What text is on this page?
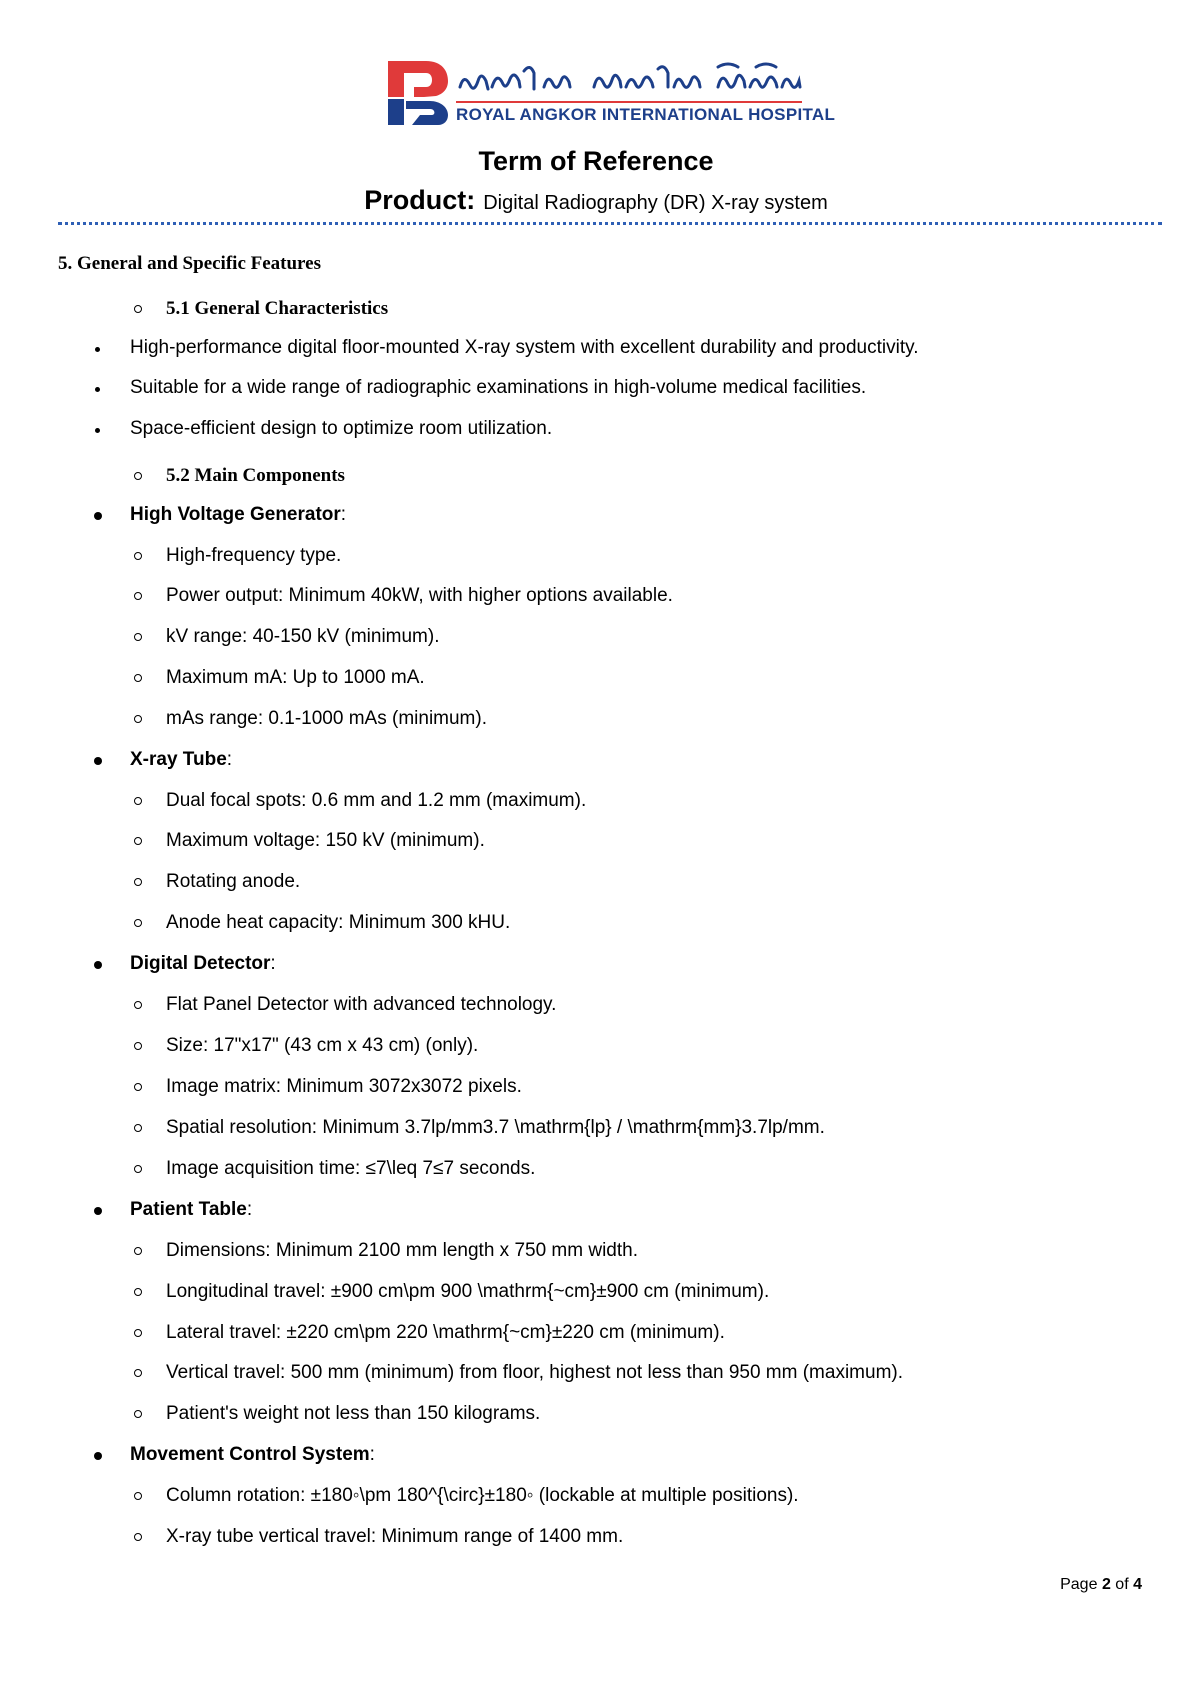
ROYAL ANGKOR INTERNATIONAL HOSPITAL
Term of Reference
Product: Digital Radiography (DR) X-ray system
5. General and Specific Features
5.1 General Characteristics
High-performance digital floor-mounted X-ray system with excellent durability and productivity.
Suitable for a wide range of radiographic examinations in high-volume medical facilities.
Space-efficient design to optimize room utilization.
5.2 Main Components
High Voltage Generator:
High-frequency type.
Power output: Minimum 40kW, with higher options available.
kV range: 40-150 kV (minimum).
Maximum mA: Up to 1000 mA.
mAs range: 0.1-1000 mAs (minimum).
X-ray Tube:
Dual focal spots: 0.6 mm and 1.2 mm (maximum).
Maximum voltage: 150 kV (minimum).
Rotating anode.
Anode heat capacity: Minimum 300 kHU.
Digital Detector:
Flat Panel Detector with advanced technology.
Size: 17"x17" (43 cm x 43 cm) (only).
Image matrix: Minimum 3072x3072 pixels.
Spatial resolution: Minimum 3.7lp/mm3.7 \mathrm{lp} / \mathrm{mm}3.7lp/mm.
Image acquisition time: ≤7\leq 7≤7 seconds.
Patient Table:
Dimensions: Minimum 2100 mm length x 750 mm width.
Longitudinal travel: ±900 cm\pm 900 \mathrm{~cm}±900 cm (minimum).
Lateral travel: ±220 cm\pm 220 \mathrm{~cm}±220 cm (minimum).
Vertical travel: 500 mm (minimum) from floor, highest not less than 950 mm (maximum).
Patient's weight not less than 150 kilograms.
Movement Control System:
Column rotation: ±180◦\pm 180^{\circ}±180◦ (lockable at multiple positions).
X-ray tube vertical travel: Minimum range of 1400 mm.
Page 2 of 4
